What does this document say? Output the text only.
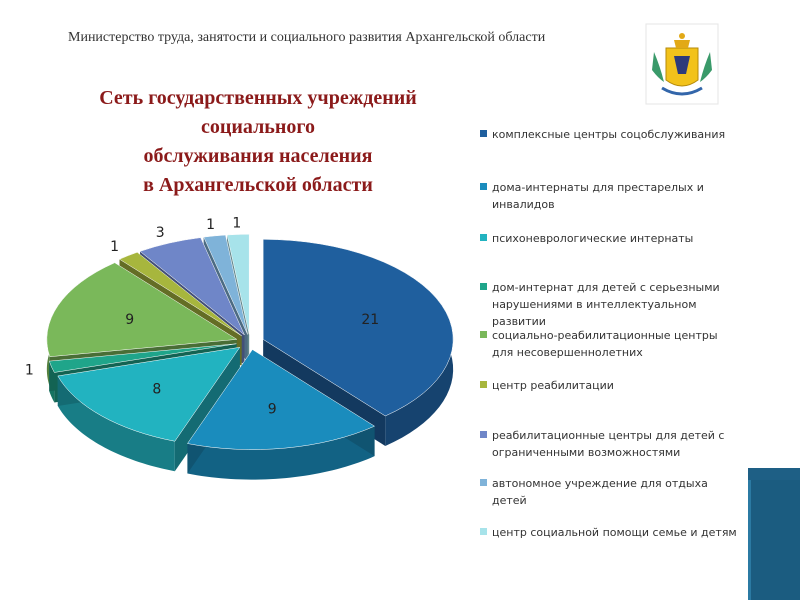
Министерство труда, занятости и социального развития Архангельской области
Сеть государственных учреждений
социального
обслуживания населения
в Архангельской области
комплексные центры соцобслуживания
дома-интернаты для престарелых и инвалидов
психоневрологические интернаты
дом-интернат для детей с серьезными нарушениями в интеллектуальном развитии
социально-реабилитационные центры для несовершеннолетних
центр реабилитации
реабилитационные центры для детей с ограниченными возможностями
автономное учреждение для отдыха детей
центр социальной помощи семье и детям
21
9
8
1
9
1
3	1 1
